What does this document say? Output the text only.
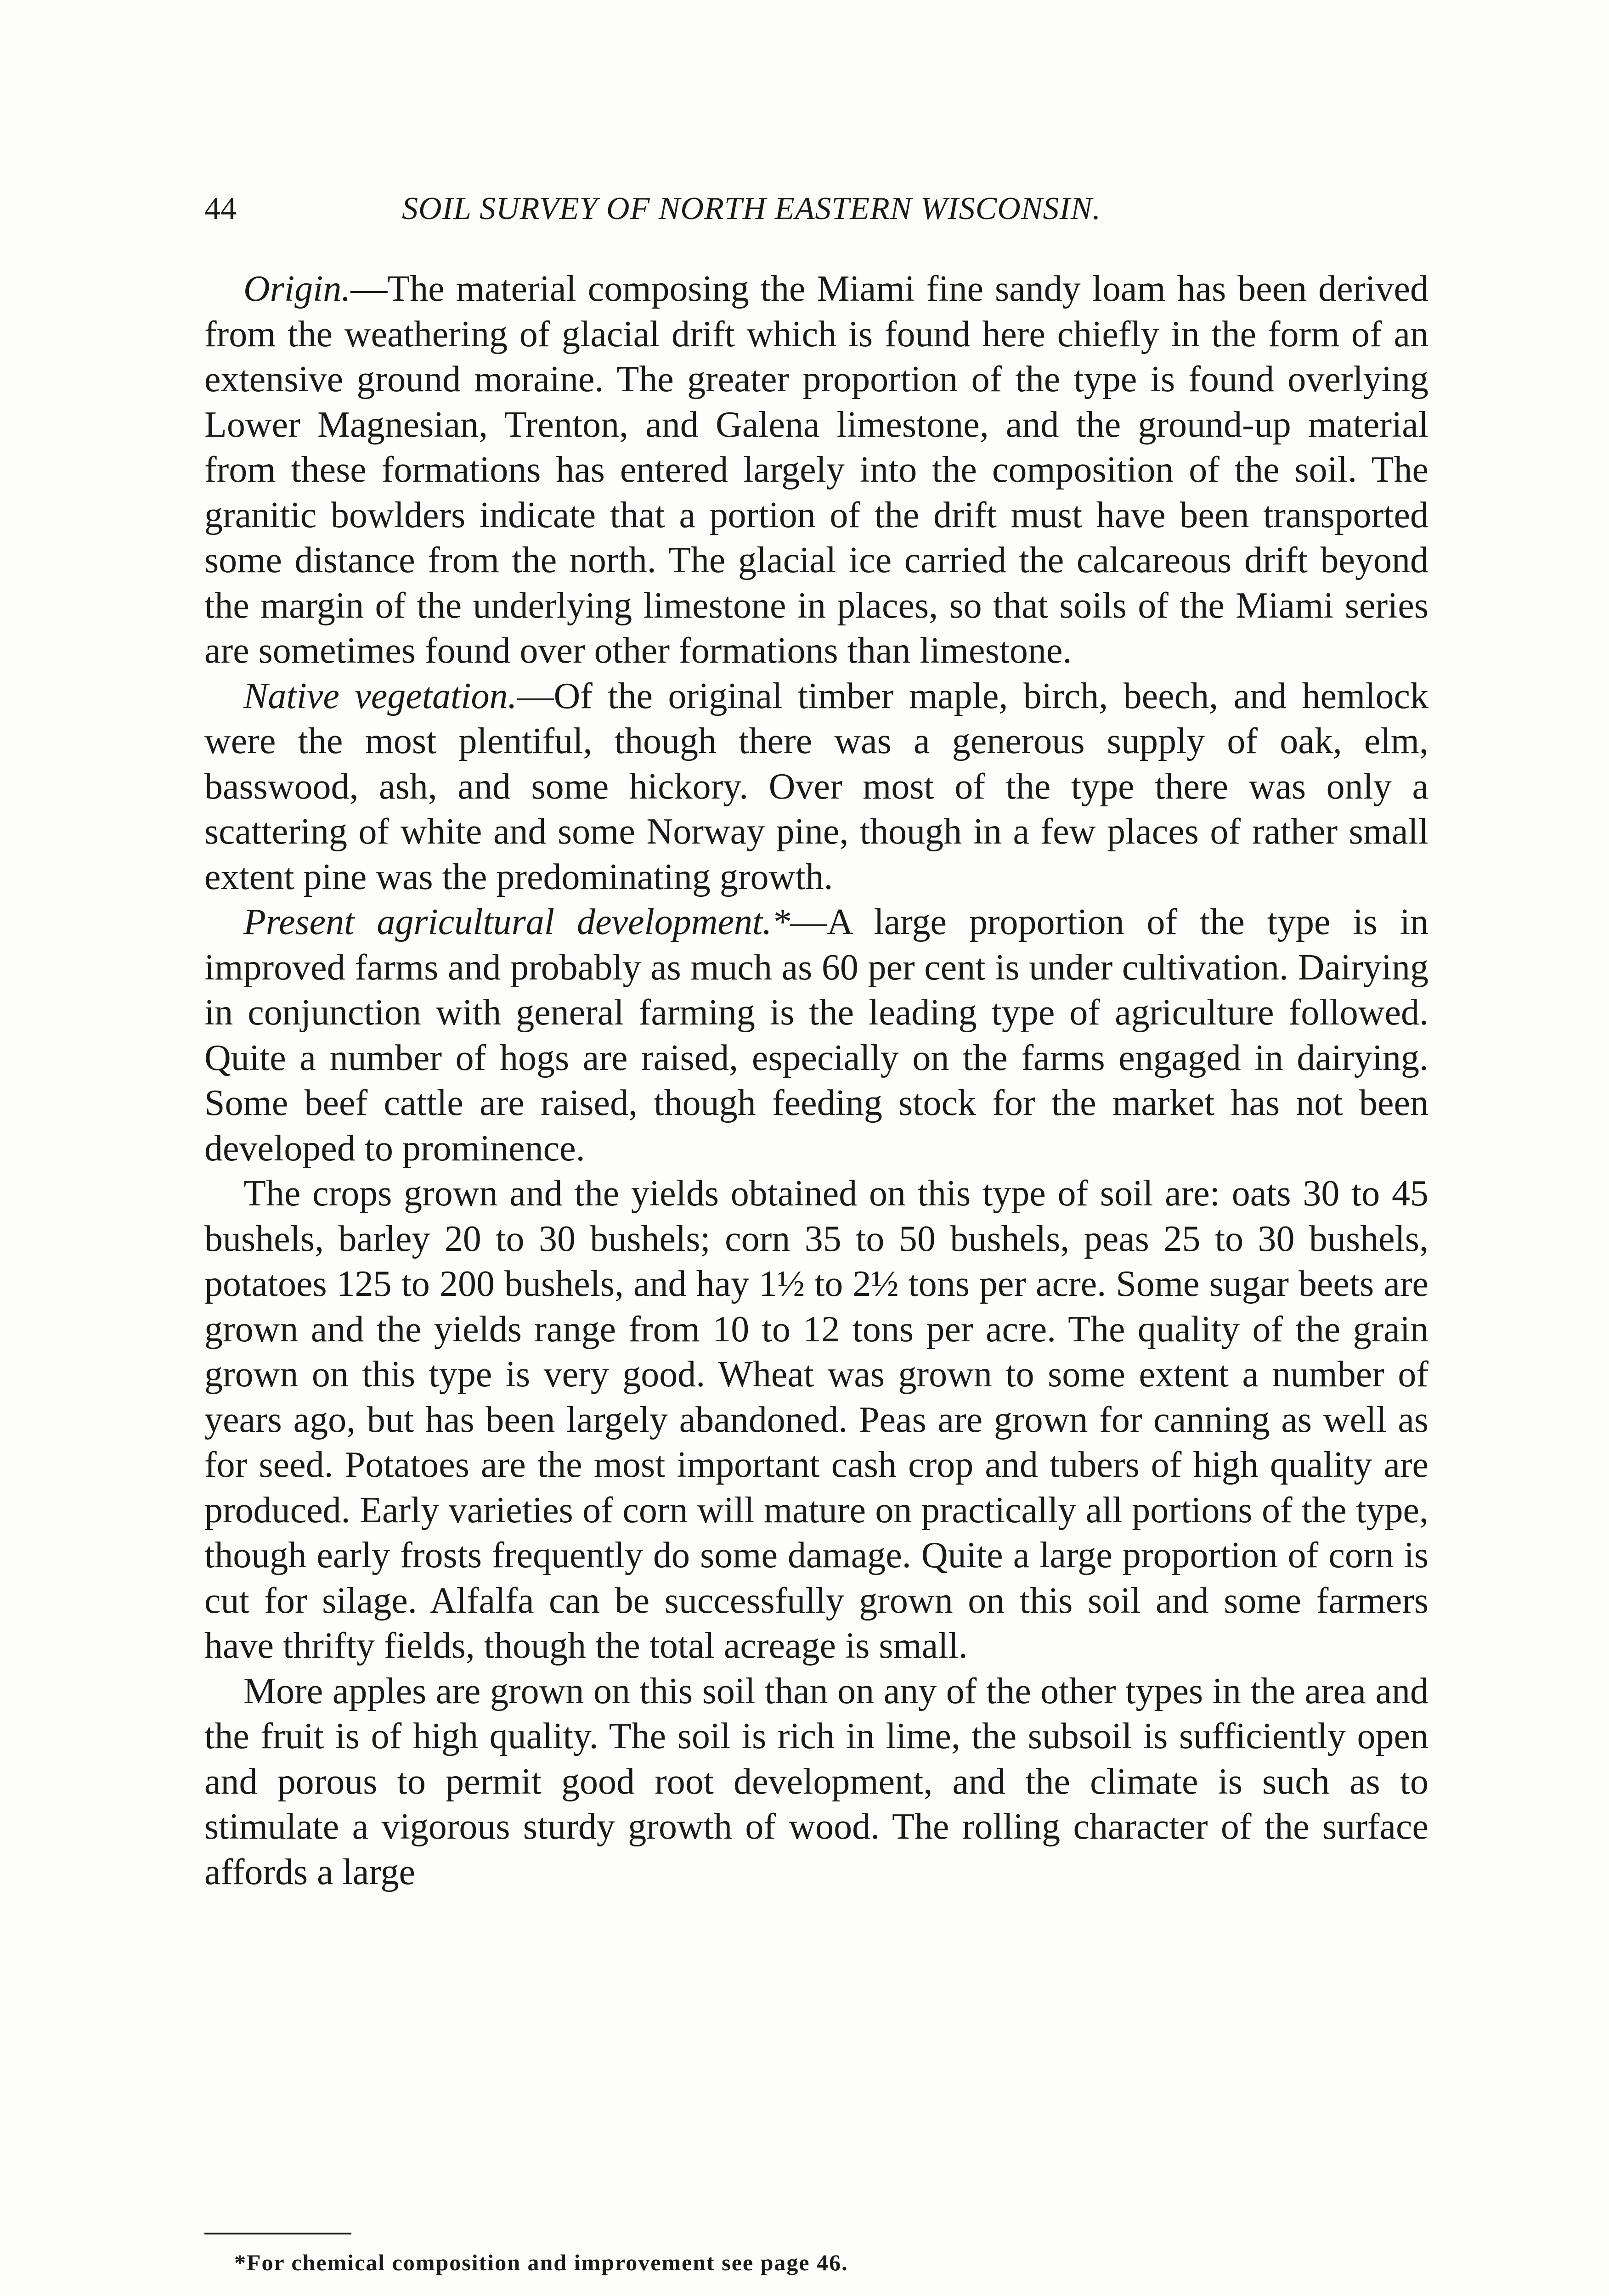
44	SOIL SURVEY OF NORTH EASTERN WISCONSIN.

Origin.—The material composing the Miami fine sandy loam has been derived from the weathering of glacial drift which is found here chiefly in the form of an extensive ground moraine. The greater proportion of the type is found overlying Lower Magnesian, Trenton, and Galena limestone, and the ground-up material from these formations has entered largely into the composition of the soil. The granitic bowlders indicate that a portion of the drift must have been transported some distance from the north. The glacial ice carried the calcareous drift beyond the margin of the underlying limestone in places, so that soils of the Miami series are sometimes found over other formations than limestone.

Native vegetation.—Of the original timber maple, birch, beech, and hemlock were the most plentiful, though there was a generous supply of oak, elm, basswood, ash, and some hickory. Over most of the type there was only a scattering of white and some Norway pine, though in a few places of rather small extent pine was the predominating growth.

Present agricultural development.*—A large proportion of the type is in improved farms and probably as much as 60 per cent is under cultivation. Dairying in conjunction with general farming is the leading type of agriculture followed. Quite a number of hogs are raised, especially on the farms engaged in dairying. Some beef cattle are raised, though feeding stock for the market has not been developed to prominence.

The crops grown and the yields obtained on this type of soil are: oats 30 to 45 bushels, barley 20 to 30 bushels; corn 35 to 50 bushels, peas 25 to 30 bushels, potatoes 125 to 200 bushels, and hay 1½ to 2½ tons per acre. Some sugar beets are grown and the yields range from 10 to 12 tons per acre. The quality of the grain grown on this type is very good. Wheat was grown to some extent a number of years ago, but has been largely abandoned. Peas are grown for canning as well as for seed. Potatoes are the most important cash crop and tubers of high quality are produced. Early varieties of corn will mature on practically all portions of the type, though early frosts frequently do some damage. Quite a large proportion of corn is cut for silage. Alfalfa can be successfully grown on this soil and some farmers have thrifty fields, though the total acreage is small.

More apples are grown on this soil than on any of the other types in the area and the fruit is of high quality. The soil is rich in lime, the subsoil is sufficiently open and porous to permit good root development, and the climate is such as to stimulate a vigorous sturdy growth of wood. The rolling character of the surface affords a large

*For chemical composition and improvement see page 46.
